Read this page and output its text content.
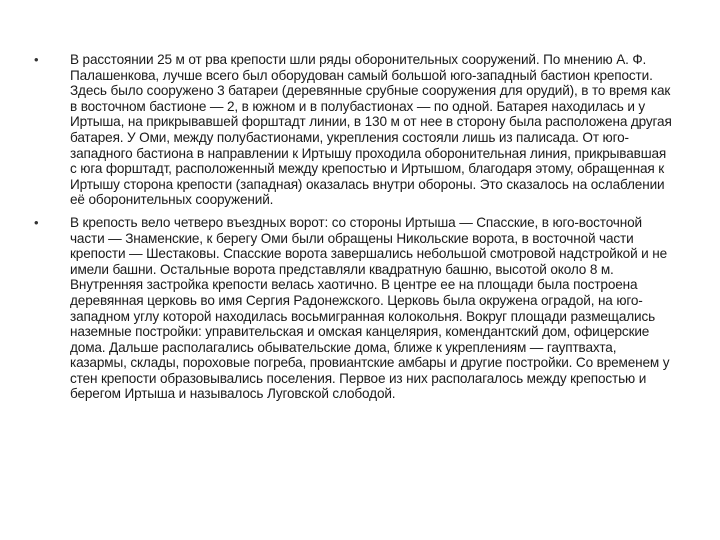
•	В расстоянии 25 м от рва крепости шли ряды оборонительных сооружений. По мнению А. Ф. Палашенкова, лучше всего был оборудован самый большой юго-западный бастион крепости. Здесь было сооружено 3 батареи (деревянные срубные сооружения для орудий), в то время как в восточном бастионе — 2, в южном и в полубастионах — по одной. Батарея находилась и у Иртыша, на прикрывавшей форштадт линии, в 130 м от нее в сторону была расположена другая батарея. У Оми, между полубастионами, укрепления состояли лишь из палисада. От юго-западного бастиона в направлении к Иртышу проходила оборонительная линия, прикрывавшая с юга форштадт, расположенный между крепостью и Иртышом, благодаря этому, обращенная к Иртышу сторона крепости (западная) оказалась внутри обороны. Это сказалось на ослаблении её оборонительных сооружений.
•	В крепость вело четверо въездных ворот: со стороны Иртыша — Спасские, в юго-восточной части — Знаменские, к берегу Оми были обращены Никольские ворота, в восточной части крепости — Шестаковы. Спасские ворота завершались небольшой смотровой надстройкой и не имели башни. Остальные ворота представляли квадратную башню, высотой около 8 м. Внутренняя застройка крепости велась хаотично. В центре ее на площади была построена деревянная церковь во имя Сергия Радонежского. Церковь была окружена оградой, на юго-западном углу которой находилась восьмигранная колокольня. Вокруг площади размещались наземные постройки: управительская и омская канцелярия, комендантский дом, офицерские дома. Дальше располагались обывательские дома, ближе к укреплениям — гауптвахта, казармы, склады, пороховые погреба, провиантские амбары и другие постройки. Со временем у стен крепости образовывались поселения. Первое из них располагалось между крепостью и берегом Иртыша и называлось Луговской слободой.
